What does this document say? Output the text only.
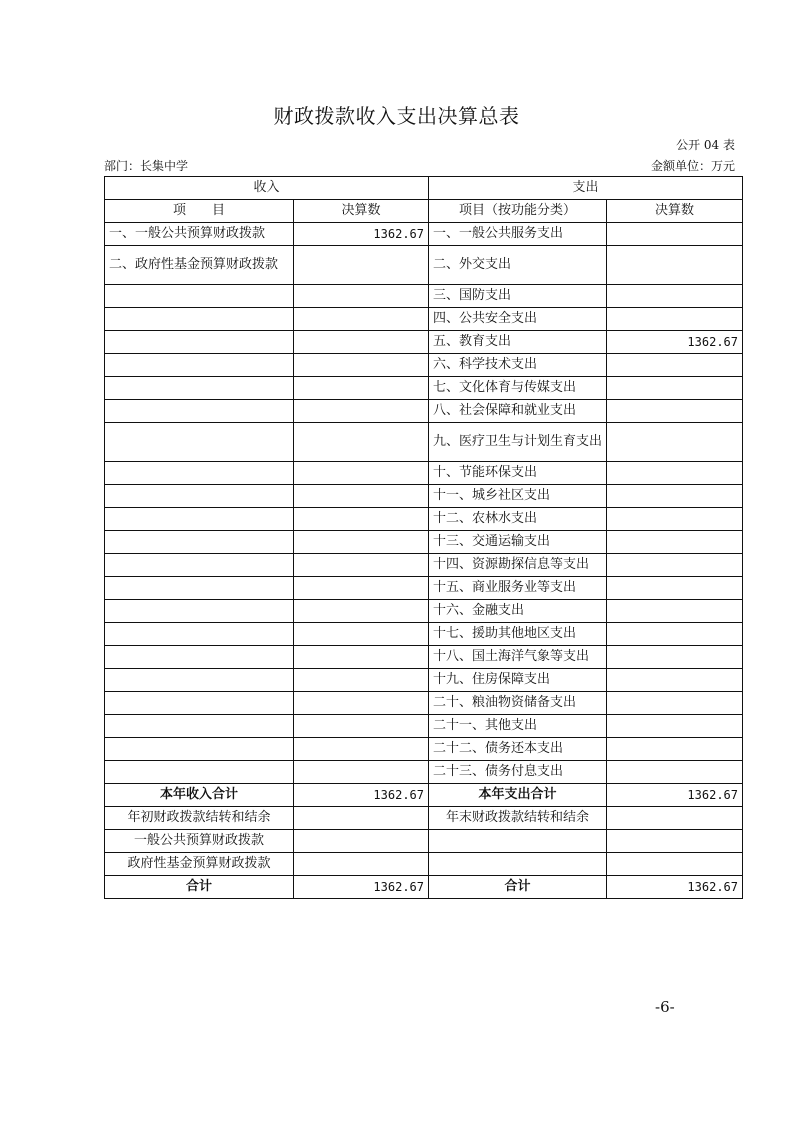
财政拨款收入支出决算总表
公开 04 表
部门：长集中学	金额单位：万元
收入		支出	
项　　目	决算数	项目（按功能分类）	决算数
一、一般公共预算财政拨款	1362.67	一、一般公共服务支出	
二、政府性基金预算财政拨款		二、外交支出	
		三、国防支出	
		四、公共安全支出	
		五、教育支出	1362.67
		六、科学技术支出	
		七、文化体育与传媒支出	
		八、社会保障和就业支出	
		九、医疗卫生与计划生育支出	
		十、节能环保支出	
		十一、城乡社区支出	
		十二、农林水支出	
		十三、交通运输支出	
		十四、资源勘探信息等支出	
		十五、商业服务业等支出	
		十六、金融支出	
		十七、援助其他地区支出	
		十八、国土海洋气象等支出	
		十九、住房保障支出	
		二十、粮油物资储备支出	
		二十一、其他支出	
		二十二、债务还本支出	
		二十三、债务付息支出	
本年收入合计	1362.67	本年支出合计	1362.67
年初财政拨款结转和结余		年末财政拨款结转和结余	
一般公共预算财政拨款			
政府性基金预算财政拨款			
合计	1362.67	合计	1362.67
-6-
